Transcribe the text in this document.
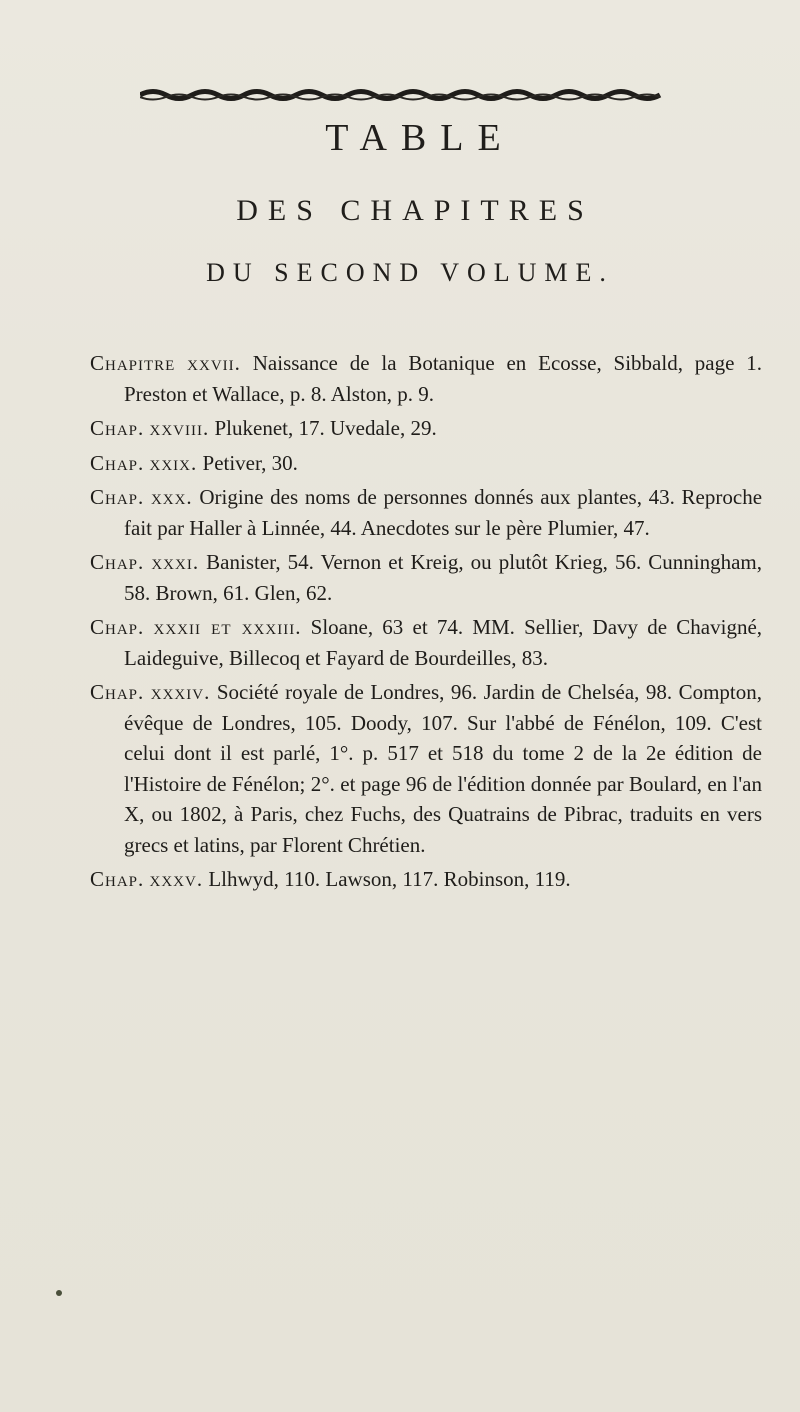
TABLE
DES CHAPITRES
DU SECOND VOLUME.

Chapitre xxvii. Naissance de la Botanique en Ecosse, Sibbald, page 1. Preston et Wallace, p. 8. Alston, p. 9.

Chap. xxviii. Plukenet, 17. Uvedale, 29.

Chap. xxix. Petiver, 30.

Chap. xxx. Origine des noms de personnes donnés aux plantes, 43. Reproche fait par Haller à Linnée, 44. Anecdotes sur le père Plumier, 47.

Chap. xxxi. Banister, 54. Vernon et Kreig, ou plutôt Krieg, 56. Cunningham, 58. Brown, 61. Glen, 62.

Chap. xxxii et xxxiii. Sloane, 63 et 74. MM. Sellier, Davy de Chavigné, Laideguive, Billecoq et Fayard de Bourdeilles, 83.

Chap. xxxiv. Société royale de Londres, 96. Jardin de Chelséa, 98. Compton, évêque de Londres, 105. Doody, 107. Sur l'abbé de Fénélon, 109. C'est celui dont il est parlé, 1°. p. 517 et 518 du tome 2 de la 2e édition de l'Histoire de Fénélon; 2°. et page 96 de l'édition donnée par Boulard, en l'an X, ou 1802, à Paris, chez Fuchs, des Quatrains de Pibrac, traduits en vers grecs et latins, par Florent Chrétien.

Chap. xxxv. Llhwyd, 110. Lawson, 117. Robinson, 119.
